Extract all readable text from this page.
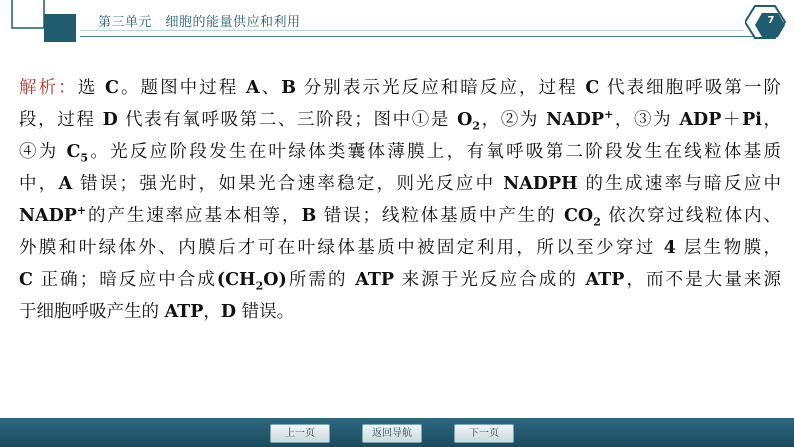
第三单元　细胞的能量供应和利用	7

解析：选 C。题图中过程 A、B 分别表示光反应和暗反应，过程 C 代表细胞呼吸第一阶

段，过程 D 代表有氧呼吸第二、三阶段；图中①是 $O_2$，②为 NADP+，③为 ADP＋Pi，

④为 $C_5$。光反应阶段发生在叶绿体类囊体薄膜上，有氧呼吸第二阶段发生在线粒体基质

中，A 错误；强光时，如果光合速率稳定，则光反应中 NADPH 的生成速率与暗反应中

NADP+的产生速率应基本相等，B 错误；线粒体基质中产生的 $CO_2$ 依次穿过线粒体内、

外膜和叶绿体外、内膜后才可在叶绿体基质中被固定利用，所以至少穿过 4 层生物膜，

C 正确；暗反应中合成$(CH_2O)$所需的 ATP 来源于光反应合成的 ATP，而不是大量来源

于细胞呼吸产生的 ATP，D 错误。

上一页	返回导航	下一页
